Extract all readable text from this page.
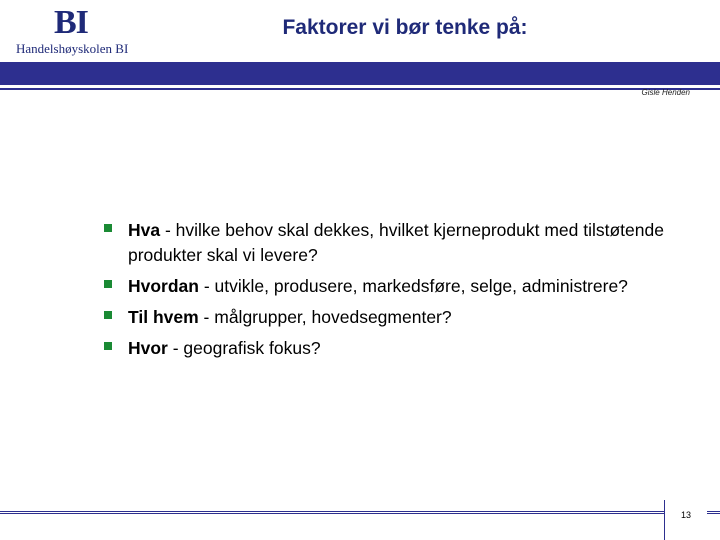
BI
Handelshøyskolen BI
Faktorer vi bør tenke på:
Gisle Henden
Hva - hvilke behov skal dekkes, hvilket kjerneprodukt med tilstøtende produkter skal vi levere?
Hvordan - utvikle, produsere, markedsføre, selge, administrere?
Til hvem - målgrupper, hovedsegmenter?
Hvor - geografisk fokus?
13
